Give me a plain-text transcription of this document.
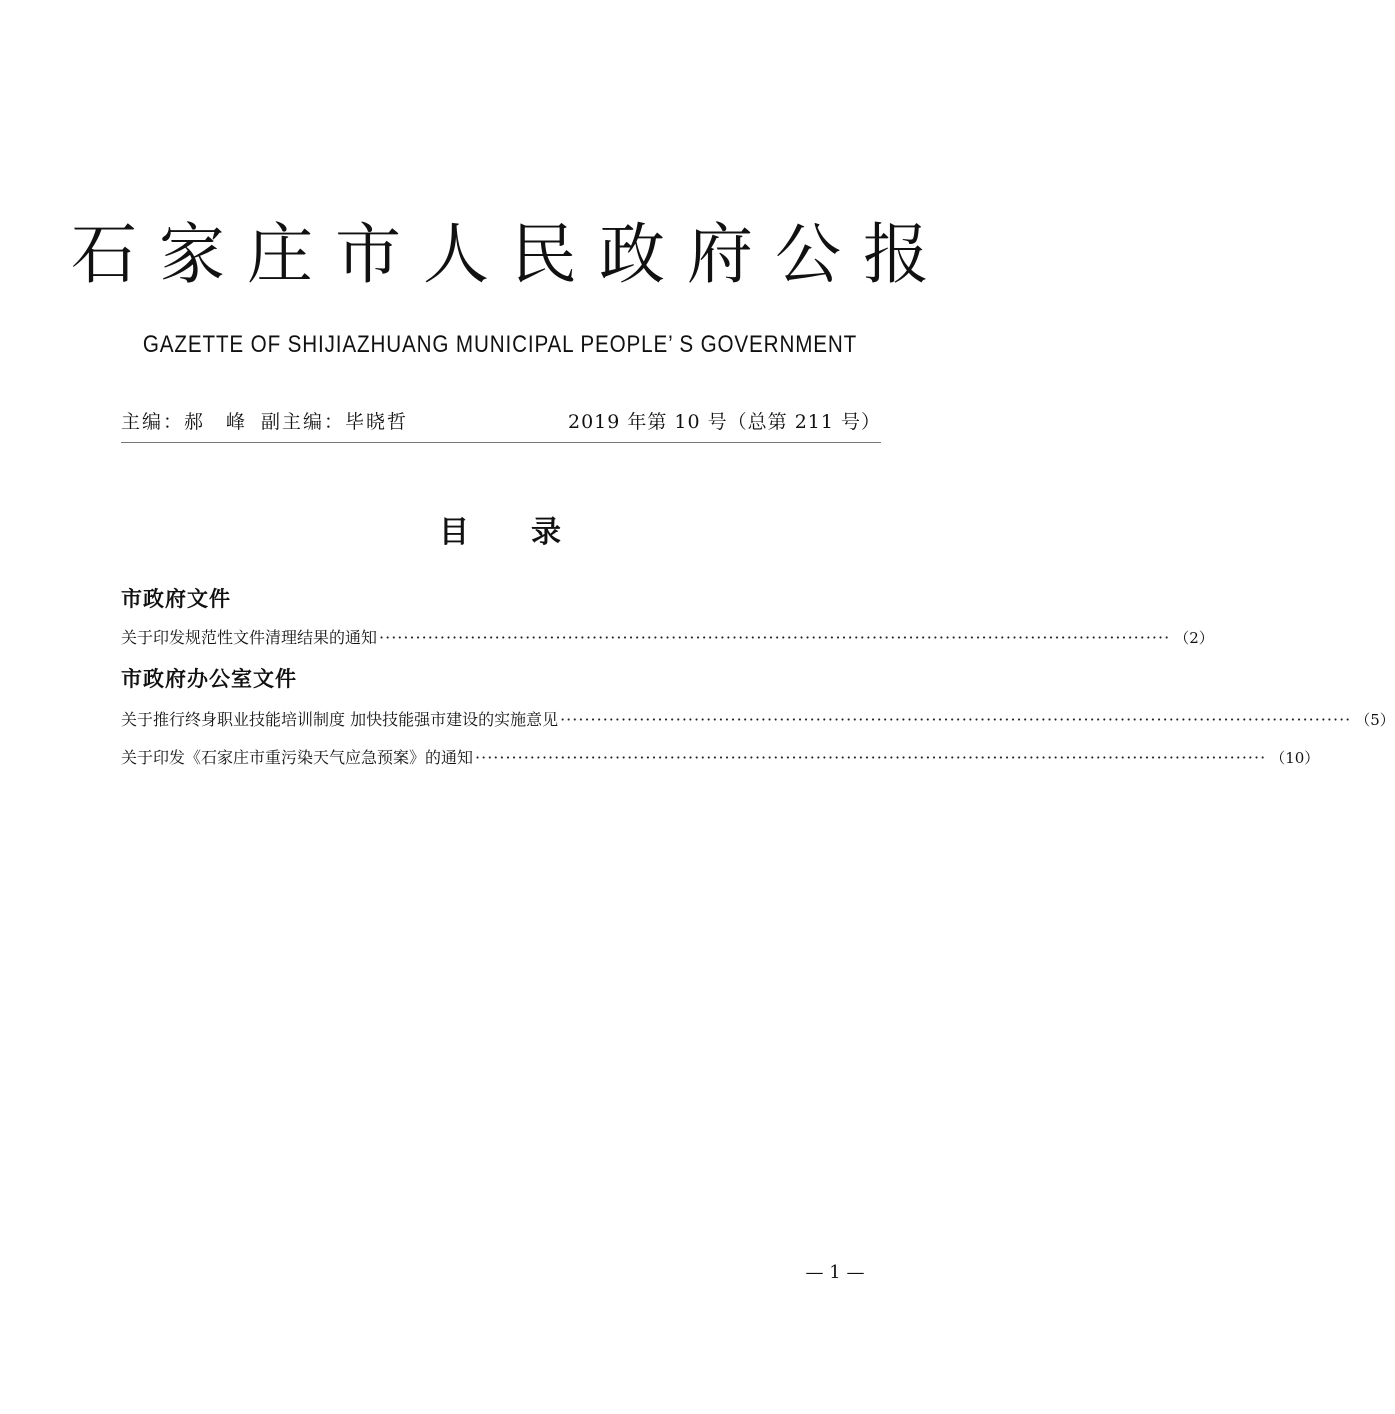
石家庄市人民政府公报
GAZETTE OF SHIJIAZHUANG MUNICIPAL PEOPLE’ S GOVERNMENT
主编：郝　峰 副主编：毕晓哲	2019 年第 10 号（总第 211 号）
目录
市政府文件
关于印发规范性文件清理结果的通知 ·································································································································· （2）
市政府办公室文件
关于推行终身职业技能培训制度 加快技能强市建设的实施意见 ·································································································································· （5）
关于印发《石家庄市重污染天气应急预案》的通知 ·································································································································· （10）
— 1 —
